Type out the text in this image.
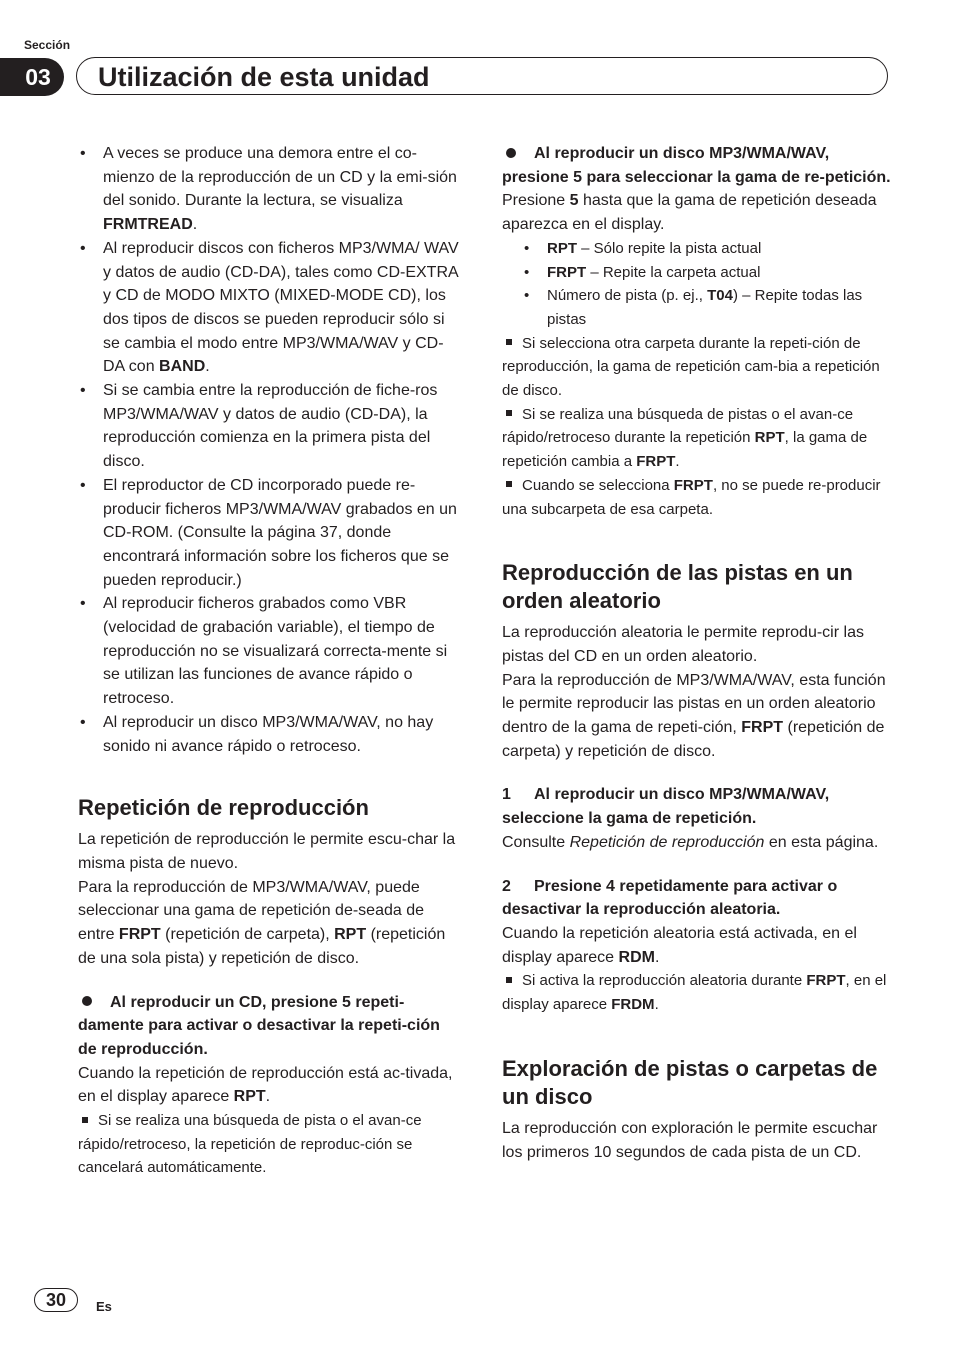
Sección
03	Utilización de esta unidad
• A veces se produce una demora entre el co-mienzo de la reproducción de un CD y la emi-sión del sonido. Durante la lectura, se visualiza FRMTREAD.
• Al reproducir discos con ficheros MP3/WMA/ WAV y datos de audio (CD-DA), tales como CD-EXTRA y CD de MODO MIXTO (MIXED-MODE CD), los dos tipos de discos se pueden reproducir sólo si se cambia el modo entre MP3/WMA/WAV y CD-DA con BAND.
• Si se cambia entre la reproducción de fiche-ros MP3/WMA/WAV y datos de audio (CD-DA), la reproducción comienza en la primera pista del disco.
• El reproductor de CD incorporado puede re-producir ficheros MP3/WMA/WAV grabados en un CD-ROM. (Consulte la página 37, donde encontrará información sobre los ficheros que se pueden reproducir.)
• Al reproducir ficheros grabados como VBR (velocidad de grabación variable), el tiempo de reproducción no se visualizará correcta-mente si se utilizan las funciones de avance rápido o retroceso.
• Al reproducir un disco MP3/WMA/WAV, no hay sonido ni avance rápido o retroceso.
Repetición de reproducción

La repetición de reproducción le permite escu-char la misma pista de nuevo.

Para la reproducción de MP3/WMA/WAV, puede seleccionar una gama de repetición de-seada de entre FRPT (repetición de carpeta), RPT (repetición de una sola pista) y repetición de disco.

Al reproducir un CD, presione 5 repeti-damente para activar o desactivar la repeti-ción de reproducción.

Cuando la repetición de reproducción está ac-tivada, en el display aparece RPT.

Si se realiza una búsqueda de pista o el avan-ce rápido/retroceso, la repetición de reproduc-ción se cancelará automáticamente.

Al reproducir un disco MP3/WMA/WAV, presione 5 para seleccionar la gama de re-petición.

Presione 5 hasta que la gama de repetición deseada aparezca en el display.

• RPT – Sólo repite la pista actual
• FRPT – Repite la carpeta actual
• Número de pista (p. ej., T04) – Repite todas las pistas

Si selecciona otra carpeta durante la repeti-ción de reproducción, la gama de repetición cam-bia a repetición de disco.

Si se realiza una búsqueda de pistas o el avan-ce rápido/retroceso durante la repetición RPT, la gama de repetición cambia a FRPT.

Cuando se selecciona FRPT, no se puede re-producir una subcarpeta de esa carpeta.

Reproducción de las pistas en un orden aleatorio

La reproducción aleatoria le permite reprodu-cir las pistas del CD en un orden aleatorio.

Para la reproducción de MP3/WMA/WAV, esta función le permite reproducir las pistas en un orden aleatorio dentro de la gama de repeti-ción, FRPT (repetición de carpeta) y repetición de disco.

1 Al reproducir un disco MP3/WMA/WAV, seleccione la gama de repetición.

Consulte Repetición de reproducción en esta página.

2 Presione 4 repetidamente para activar o desactivar la reproducción aleatoria.

Cuando la repetición aleatoria está activada, en el display aparece RDM.

Si activa la reproducción aleatoria durante FRPT, en el display aparece FRDM.

Exploración de pistas o carpetas de un disco

La reproducción con exploración le permite escuchar los primeros 10 segundos de cada pista de un CD.

30	Es
